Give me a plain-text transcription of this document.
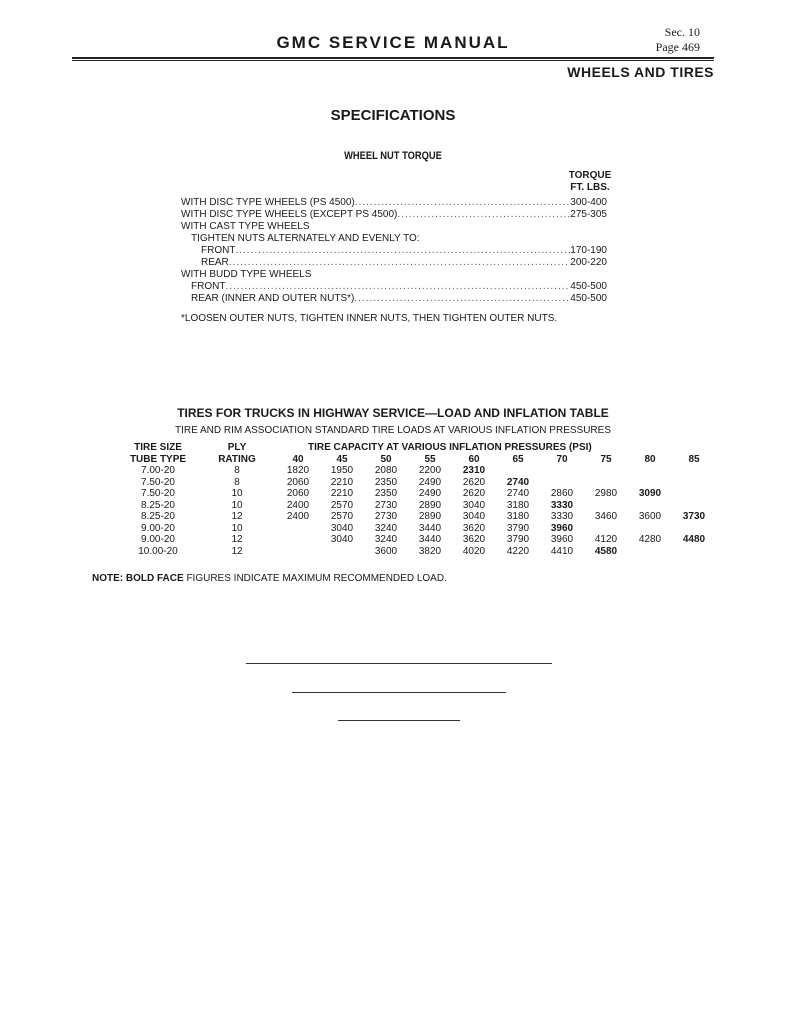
GMC SERVICE MANUAL
Sec. 10
Page 469
WHEELS AND TIRES
SPECIFICATIONS
WHEEL NUT TORQUE
TORQUE
FT. LBS.
WITH DISC TYPE WHEELS (PS 4500) .....	300-400
WITH DISC TYPE WHEELS (EXCEPT PS 4500) .....	275-305
WITH CAST TYPE WHEELS
TIGHTEN NUTS ALTERNATELY AND EVENLY TO:
FRONT .....	170-190
REAR .....	200-220
WITH BUDD TYPE WHEELS
FRONT .....	450-500
REAR (INNER AND OUTER NUTS*) .....	450-500
*LOOSEN OUTER NUTS, TIGHTEN INNER NUTS, THEN TIGHTEN OUTER NUTS.
TIRES FOR TRUCKS IN HIGHWAY SERVICE—LOAD AND INFLATION TABLE
TIRE AND RIM ASSOCIATION STANDARD TIRE LOADS AT VARIOUS INFLATION PRESSURES
TIRE SIZE	PLY	TIRE CAPACITY AT VARIOUS INFLATION PRESSURES (PSI)									
TUBE TYPE	RATING	40	45	50	55	60	65	70	75	80	85
7.00-20	8	1820	1950	2080	2200	2310					
7.50-20	8	2060	2210	2350	2490	2620	2740				
7.50-20	10	2060	2210	2350	2490	2620	2740	2860	2980	3090	
8.25-20	10	2400	2570	2730	2890	3040	3180	3330			
8.25-20	12	2400	2570	2730	2890	3040	3180	3330	3460	3600	3730
9.00-20	10		3040	3240	3440	3620	3790	3960			
9.00-20	12		3040	3240	3440	3620	3790	3960	4120	4280	4480
10.00-20	12			3600	3820	4020	4220	4410	4580		
NOTE: BOLD FACE FIGURES INDICATE MAXIMUM RECOMMENDED LOAD.
